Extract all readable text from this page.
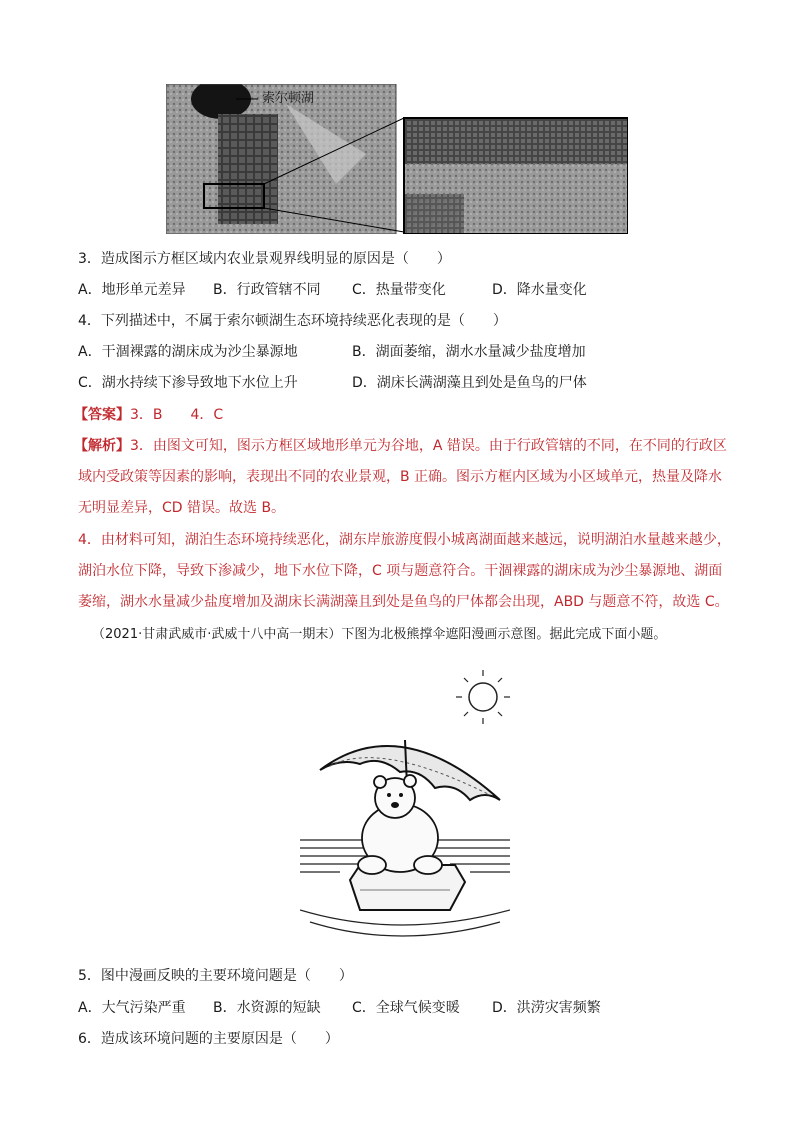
索尔顿湖
3．造成图示方框区域内农业景观界线明显的原因是（　　）
A．地形单元差异 B．行政管辖不同 C．热量带变化	D．降水量变化
4．下列描述中，不属于索尔顿湖生态环境持续恶化表现的是（　　）
A．干涸裸露的湖床成为沙尘暴源地	B．湖面萎缩，湖水水量减少盐度增加
C．湖水持续下渗导致地下水位上升	D．湖床长满湖藻且到处是鱼鸟的尸体
【答案】3．B　　4．C
【解析】3．由图文可知，图示方框区域地形单元为谷地，A 错误。由于行政管辖的不同，在不同的行政区
域内受政策等因素的影响，表现出不同的农业景观，B 正确。图示方框内区域为小区域单元，热量及降水
无明显差异，CD 错误。故选 B。
4．由材料可知，湖泊生态环境持续恶化，湖东岸旅游度假小城离湖面越来越远，说明湖泊水量越来越少，
湖泊水位下降，导致下渗减少，地下水位下降，C 项与题意符合。干涸裸露的湖床成为沙尘暴源地、湖面
萎缩，湖水水量减少盐度增加及湖床长满湖藻且到处是鱼鸟的尸体都会出现，ABD 与题意不符，故选 C。
（2021·甘肃武威市·武威十八中高一期末）下图为北极熊撑伞遮阳漫画示意图。据此完成下面小题。
5．图中漫画反映的主要环境问题是（　　）
A．大气污染严重 B．水资源的短缺 C．全球气候变暖 D．洪涝灾害频繁
6．造成该环境问题的主要原因是（　　）
